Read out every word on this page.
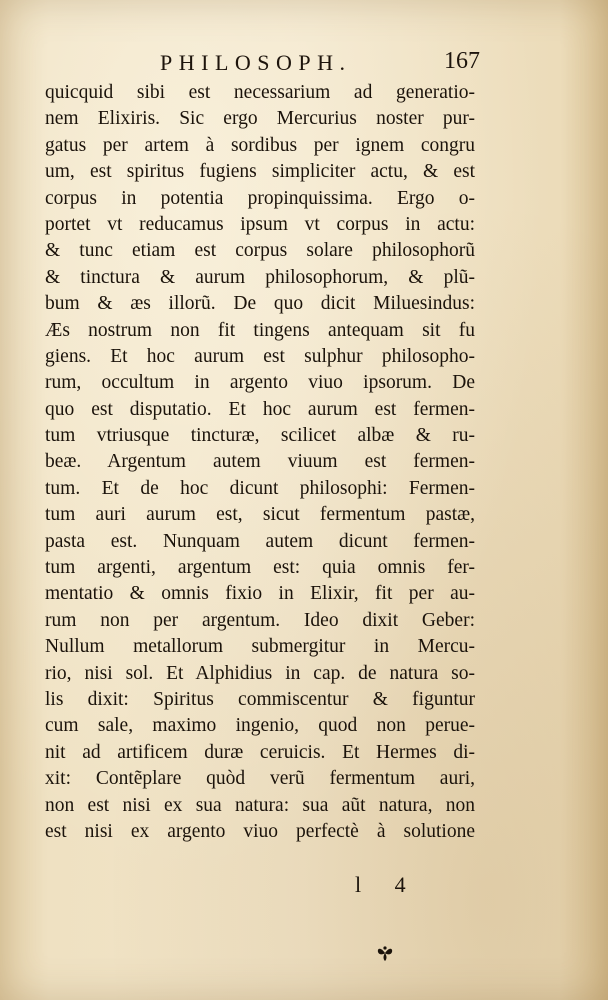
PHILOSOPH.	167
quicquid sibi est necessarium ad generatio-
nem Elixiris. Sic ergo Mercurius noster pur-
gatus per artem à sordibus per ignem congru
um, est spiritus fugiens simpliciter actu, & est
corpus in potentia propinquissima. Ergo o-
portet vt reducamus ipsum vt corpus in actu:
& tunc etiam est corpus solare philosophorũ
& tinctura & aurum philosophorum, & plũ-
bum & æs illorũ. De quo dicit Miluesindus:
Æs nostrum non fit tingens antequam sit fu
giens. Et hoc aurum est sulphur philosopho-
rum, occultum in argento viuo ipsorum. De
quo est disputatio. Et hoc aurum est fermen-
tum vtriusque tincturæ, scilicet albæ & ru-
beæ. Argentum autem viuum est fermen-
tum. Et de hoc dicunt philosophi: Fermen-
tum auri aurum est, sicut fermentum pastæ,
pasta est. Nunquam autem dicunt fermen-
tum argenti, argentum est: quia omnis fer-
mentatio & omnis fixio in Elixir, fit per au-
rum non per argentum. Ideo dixit Geber:
Nullum metallorum submergitur in Mercu-
rio, nisi sol. Et Alphidius in cap. de natura so-
lis dixit: Spiritus commiscentur & figuntur
cum sale, maximo ingenio, quod non perue-
nit ad artificem duræ ceruicis. Et Hermes di-
xit: Contẽplare quòd verũ fermentum auri,
non est nisi ex sua natura: sua aũt natura, non
est nisi ex argento viuo perfectè à solutione
l 4
